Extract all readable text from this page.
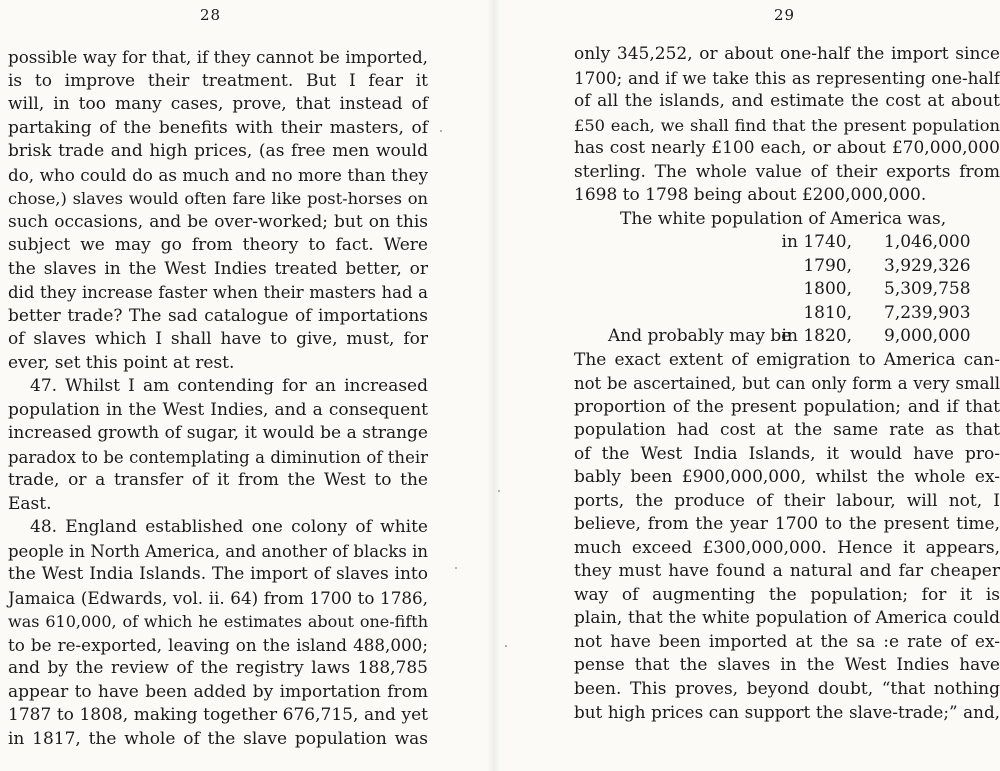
28
possible way for that, if they cannot be imported,
is to improve their treatment. But I fear it
will, in too many cases, prove, that instead of
partaking of the benefits with their masters, of
brisk trade and high prices, (as free men would
do, who could do as much and no more than they
chose,) slaves would often fare like post-horses on
such occasions, and be over-worked; but on this
subject we may go from theory to fact. Were
the slaves in the West Indies treated better, or
did they increase faster when their masters had a
better trade? The sad catalogue of importations
of slaves which I shall have to give, must, for
ever, set this point at rest.
47. Whilst I am contending for an increased
population in the West Indies, and a consequent
increased growth of sugar, it would be a strange
paradox to be contemplating a diminution of their
trade, or a transfer of it from the West to the
East.
48. England established one colony of white
people in North America, and another of blacks in
the West India Islands. The import of slaves into
Jamaica (Edwards, vol. ii. 64) from 1700 to 1786,
was 610,000, of which he estimates about one-fifth
to be re-exported, leaving on the island 488,000;
and by the review of the registry laws 188,785
appear to have been added by importation from
1787 to 1808, making together 676,715, and yet
in 1817, the whole of the slave population was
29
only 345,252, or about one-half the import since
1700; and if we take this as representing one-half
of all the islands, and estimate the cost at about
£50 each, we shall find that the present population
has cost nearly £100 each, or about £70,000,000
sterling. The whole value of their exports from
1698 to 1798 being about £200,000,000.
The white population of America was,
in 1740, 1,046,000
1790, 3,929,326
1800, 5,309,758
1810, 7,239,903
And probably may be
in 1820, 9,000,000
The exact extent of emigration to America can-
not be ascertained, but can only form a very small
proportion of the present population; and if that
population had cost at the same rate as that
of the West India Islands, it would have pro-
bably been £900,000,000, whilst the whole ex-
ports, the produce of their labour, will not, I
believe, from the year 1700 to the present time,
much exceed £300,000,000. Hence it appears,
they must have found a natural and far cheaper
way of augmenting the population; for it is
plain, that the white population of America could
not have been imported at the sa :e rate of ex-
pense that the slaves in the West Indies have
been. This proves, beyond doubt, “that nothing
but high prices can support the slave-trade;” and,
